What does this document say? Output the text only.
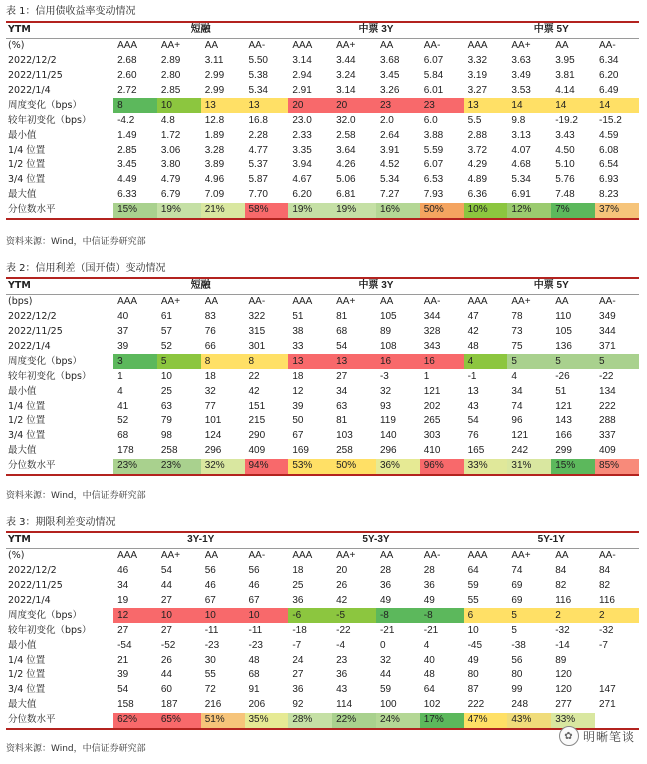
表 1：信用债收益率变动情况
YTM	短融				中票 3Y				中票 5Y			
(%)	AAA	AA+	AA	AA-	AAA	AA+	AA	AA-	AAA	AA+	AA	AA-
2022/12/2	2.68	2.89	3.11	5.50	3.14	3.44	3.68	6.07	3.32	3.63	3.95	6.34
2022/11/25	2.60	2.80	2.99	5.38	2.94	3.24	3.45	5.84	3.19	3.49	3.81	6.20
2022/1/4	2.72	2.85	2.99	5.34	2.91	3.14	3.26	6.01	3.27	3.53	4.14	6.49
周度变化（bps）	8	10	13	13	20	20	23	23	13	14	14	14
较年初变化（bps）	-4.2	4.8	12.8	16.8	23.0	32.0	2.0	6.0	5.5	9.8	-19.2	-15.2
最小值	1.49	1.72	1.89	2.28	2.33	2.58	2.64	3.88	2.88	3.13	3.43	4.59
1/4 位置	2.85	3.06	3.28	4.77	3.35	3.64	3.91	5.59	3.72	4.07	4.50	6.08
1/2 位置	3.45	3.80	3.89	5.37	3.94	4.26	4.52	6.07	4.29	4.68	5.10	6.54
3/4 位置	4.49	4.79	4.96	5.87	4.67	5.06	5.34	6.53	4.89	5.34	5.76	6.93
最大值	6.33	6.79	7.09	7.70	6.20	6.81	7.27	7.93	6.36	6.91	7.48	8.23
分位数水平	15%	19%	21%	58%	19%	19%	16%	50%	10%	12%	7%	37%
资料来源：Wind，中信证券研究部
表 2：信用利差（国开债）变动情况
YTM	短融				中票 3Y				中票 5Y			
(bps)	AAA	AA+	AA	AA-	AAA	AA+	AA	AA-	AAA	AA+	AA	AA-
2022/12/2	40	61	83	322	51	81	105	344	47	78	110	349
2022/11/25	37	57	76	315	38	68	89	328	42	73	105	344
2022/1/4	39	52	66	301	33	54	108	343	48	75	136	371
周度变化（bps）	3	5	8	8	13	13	16	16	4	5	5	5
较年初变化（bps）	1	10	18	22	18	27	-3	1	-1	4	-26	-22
最小值	4	25	32	42	12	34	32	121	13	34	51	134
1/4 位置	41	63	77	151	39	63	93	202	43	74	121	222
1/2 位置	52	79	101	215	50	81	119	265	54	96	143	288
3/4 位置	68	98	124	290	67	103	140	303	76	121	166	337
最大值	178	258	296	409	169	258	296	410	165	242	299	409
分位数水平	23%	23%	32%	94%	53%	50%	36%	96%	33%	31%	15%	85%
资料来源：Wind，中信证券研究部
表 3：期限利差变动情况
YTM	3Y-1Y				5Y-3Y				5Y-1Y			
(%)	AAA	AA+	AA	AA-	AAA	AA+	AA	AA-	AAA	AA+	AA	AA-
2022/12/2	46	54	56	56	18	20	28	28	64	74	84	84
2022/11/25	34	44	46	46	25	26	36	36	59	69	82	82
2022/1/4	19	27	67	67	36	42	49	49	55	69	116	116
周度变化（bps）	12	10	10	10	-6	-5	-8	-8	6	5	2	2
较年初变化（bps）	27	27	-11	-11	-18	-22	-21	-21	10	5	-32	-32
最小值	-54	-52	-23	-23	-7	-4	0	4	-45	-38	-14	-7
1/4 位置	21	26	30	48	24	23	32	40	49	56	89	
1/2 位置	39	44	55	68	27	36	44	48	80	80	120	
3/4 位置	54	60	72	91	36	43	59	64	87	99	120	147
最大值	158	187	216	206	92	114	100	102	222	248	277	271
分位数水平	62%	65%	51%	35%	28%	22%	24%	17%	47%	43%	33%	
资料来源：Wind，中信证券研究部
✿ 明晰笔谈
